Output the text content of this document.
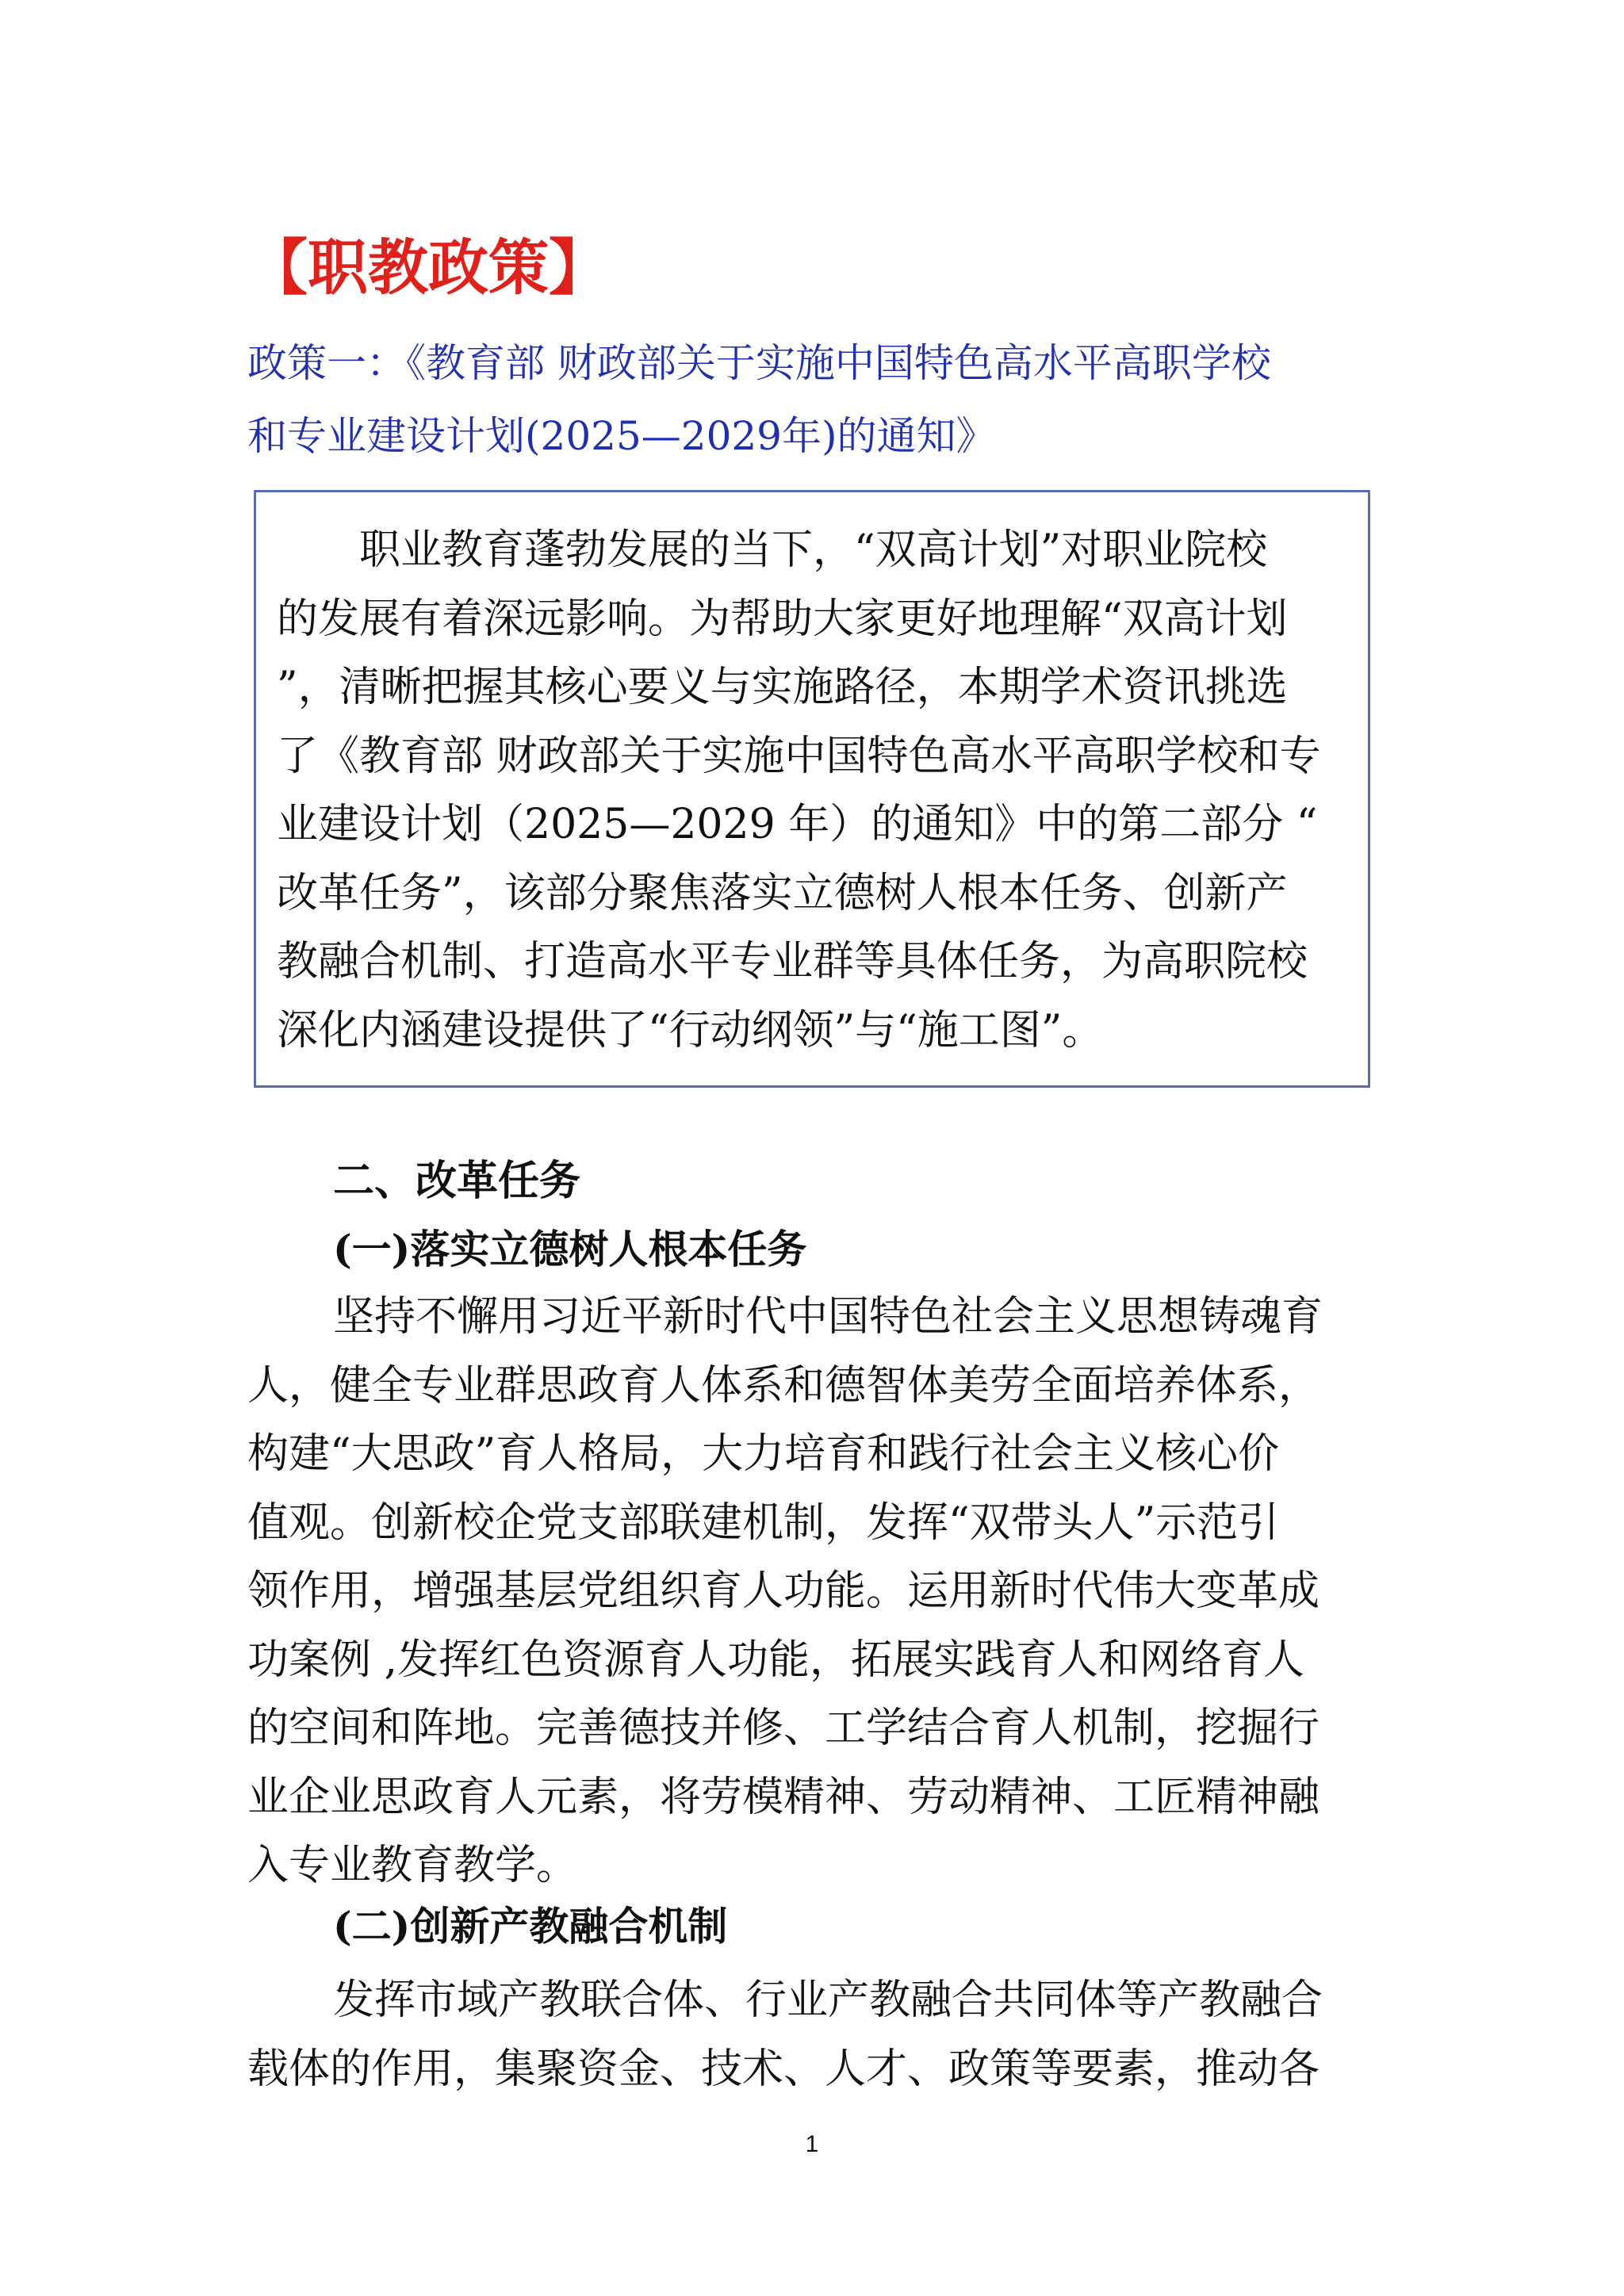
【职教政策】
政策一：《教育部 财政部关于实施中国特色高水平高职学校
和专业建设计划(2025—2029年)的通知》
　　职业教育蓬勃发展的当下，“双高计划”对职业院校
的发展有着深远影响。为帮助大家更好地理解“双高计划
”，清晰把握其核心要义与实施路径，本期学术资讯挑选
了《教育部 财政部关于实施中国特色高水平高职学校和专
业建设计划（2025—2029 年）的通知》中的第二部分 “
改革任务”，该部分聚焦落实立德树人根本任务、创新产
教融合机制、打造高水平专业群等具体任务，为高职院校
深化内涵建设提供了“行动纲领”与“施工图”。
二、改革任务
(一)落实立德树人根本任务
坚持不懈用习近平新时代中国特色社会主义思想铸魂育
人，健全专业群思政育人体系和德智体美劳全面培养体系，
构建“大思政”育人格局，大力培育和践行社会主义核心价
值观。创新校企党支部联建机制，发挥“双带头人”示范引
领作用，增强基层党组织育人功能。运用新时代伟大变革成
功案例 ,发挥红色资源育人功能，拓展实践育人和网络育人
的空间和阵地。完善德技并修、工学结合育人机制，挖掘行
业企业思政育人元素，将劳模精神、劳动精神、工匠精神融
入专业教育教学。
(二)创新产教融合机制
发挥市域产教联合体、行业产教融合共同体等产教融合
载体的作用，集聚资金、技术、人才、政策等要素，推动各
1
